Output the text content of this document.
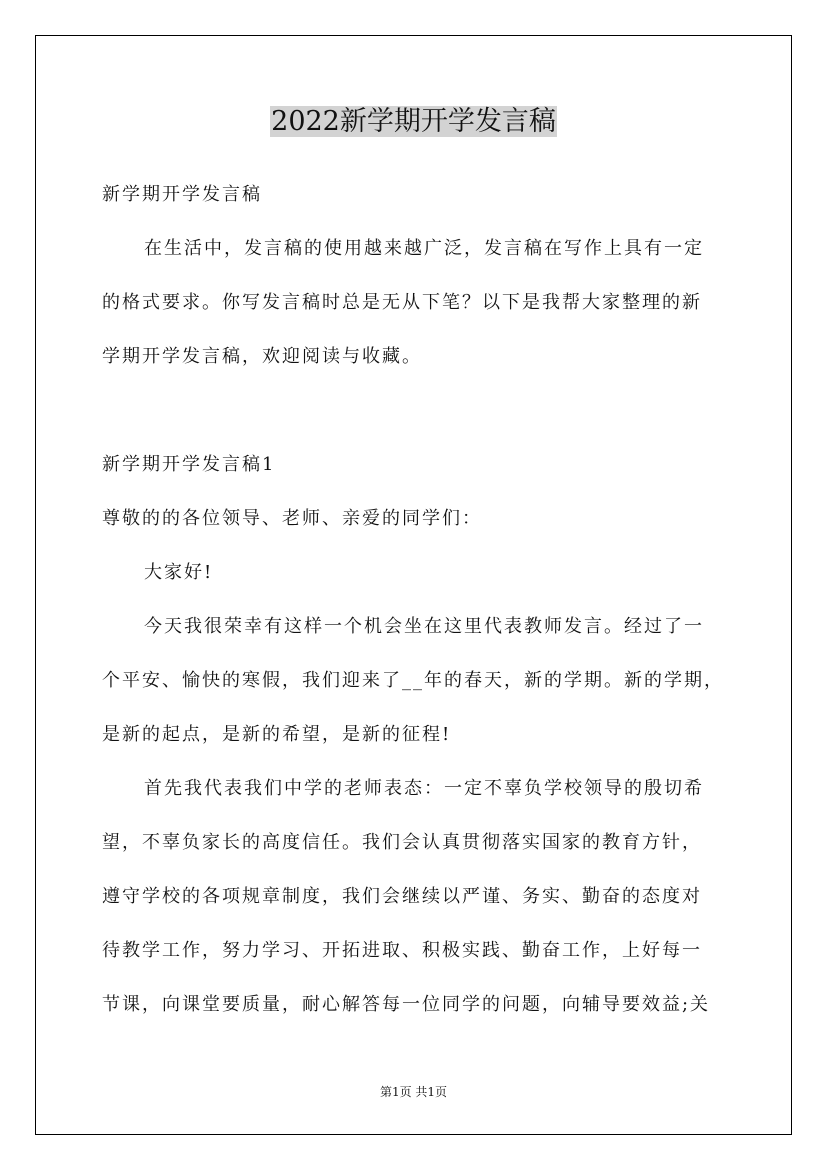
2022新学期开学发言稿
新学期开学发言稿
在生活中，发言稿的使用越来越广泛，发言稿在写作上具有一定
的格式要求。你写发言稿时总是无从下笔？以下是我帮大家整理的新
学期开学发言稿，欢迎阅读与收藏。
新学期开学发言稿1
尊敬的的各位领导、老师、亲爱的同学们：
大家好!
今天我很荣幸有这样一个机会坐在这里代表教师发言。经过了一
个平安、愉快的寒假，我们迎来了__年的春天，新的学期。新的学期，
是新的起点，是新的希望，是新的征程!
首先我代表我们中学的老师表态：一定不辜负学校领导的殷切希
望，不辜负家长的高度信任。我们会认真贯彻落实国家的教育方针，
遵守学校的各项规章制度，我们会继续以严谨、务实、勤奋的态度对
待教学工作，努力学习、开拓进取、积极实践、勤奋工作，上好每一
节课，向课堂要质量，耐心解答每一位同学的问题，向辅导要效益;关
第1页 共1页
